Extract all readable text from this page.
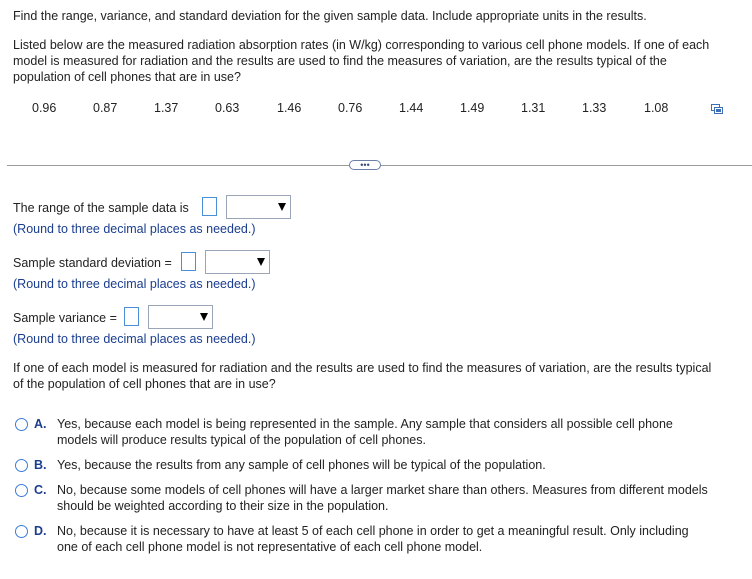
Find the range, variance, and standard deviation for the given sample data. Include appropriate units in the results.
Listed below are the measured radiation absorption rates (in W/kg) corresponding to various cell phone models. If one of each
model is measured for radiation and the results are used to find the measures of variation, are the results typical of the
population of cell phones that are in use?
0.96	0.87	1.37	0.63	1.46	0.76	1.44	1.49	1.31	1.33	1.08
•••
The range of the sample data is
(Round to three decimal places as needed.)
Sample standard deviation =
(Round to three decimal places as needed.)
Sample variance =
(Round to three decimal places as needed.)
If one of each model is measured for radiation and the results are used to find the measures of variation, are the results typical
of the population of cell phones that are in use?
A. Yes, because each model is being represented in the sample. Any sample that considers all possible cell phone
models will produce results typical of the population of cell phones.
B. Yes, because the results from any sample of cell phones will be typical of the population.
C. No, because some models of cell phones will have a larger market share than others. Measures from different models
should be weighted according to their size in the population.
D. No, because it is necessary to have at least 5 of each cell phone in order to get a meaningful result. Only including
one of each cell phone model is not representative of each cell phone model.
